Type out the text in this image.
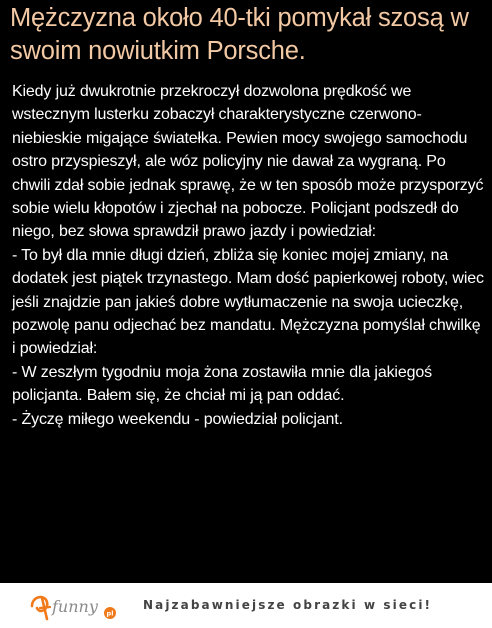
Mężczyzna około 40-tki pomykał szosą w swoim nowiutkim Porsche.
Kiedy już dwukrotnie przekroczył dozwolona prędkość we wstecznym lusterku zobaczył charakterystyczne czerwono-niebieskie migające światełka. Pewien mocy swojego samochodu ostro przyspieszył, ale wóz policyjny nie dawał za wygraną. Po chwili zdał sobie jednak sprawę, że w ten sposób może przysporzyć sobie wielu kłopotów i zjechał na pobocze. Policjant podszedł do niego, bez słowa sprawdził prawo jazdy i powiedział:
- To był dla mnie długi dzień, zbliża się koniec mojej zmiany, na dodatek jest piątek trzynastego. Mam dość papierkowej roboty, wiec jeśli znajdzie pan jakieś dobre wytłumaczenie na swoja ucieczkę, pozwolę panu odjechać bez mandatu. Mężczyzna pomyślał chwilkę i powiedział:
- W zeszłym tygodniu moja żona zostawiła mnie dla jakiegoś policjanta. Bałem się, że chciał mi ją pan oddać.
- Życzę miłego weekendu - powiedział policjant.
funny pl
Najzabawniejsze obrazki w sieci!
